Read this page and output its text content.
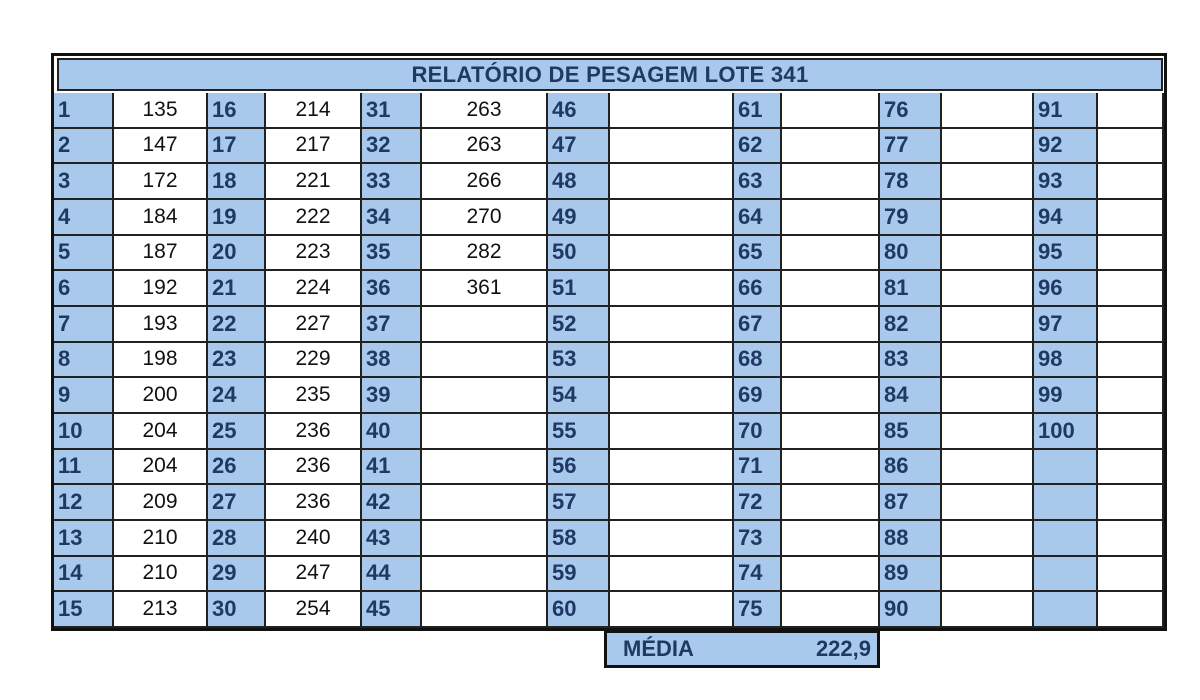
RELATÓRIO DE PESAGEM LOTE 341
1
2
3
4
5
6
7
8
9
10
11
12
13
14
15
135
147
172
184
187
192
193
198
200
204
204
209
210
210
213
16
17
18
19
20
21
22
23
24
25
26
27
28
29
30
214
217
221
222
223
224
227
229
235
236
236
236
240
247
254
31
32
33
34
35
36
37
38
39
40
41
42
43
44
45
263
263
266
270
282
361
46
47
48
49
50
51
52
53
54
55
56
57
58
59
60
61
62
63
64
65
66
67
68
69
70
71
72
73
74
75
76
77
78
79
80
81
82
83
84
85
86
87
88
89
90
91
92
93
94
95
96
97
98
99
100
MÉDIA	222,9
